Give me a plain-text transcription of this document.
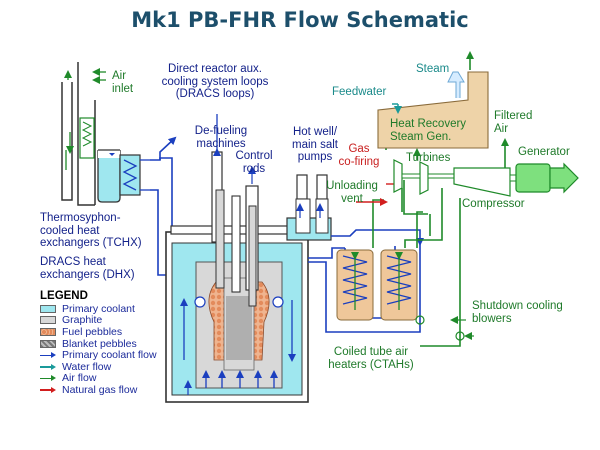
Mk1 PB-FHR Flow Schematic
Air
inlet
Direct reactor aux.
cooling system loops
(DRACS loops)
De-fueling
machines
Control
rods
Hot well/
main salt
pumps
Steam
Feedwater
Heat Recovery
Steam Gen.
Filtered
Air
Gas
co-firing Turbines	Generator
Unloading
vent	Compressor
Thermosyphon-
cooled heat
exchangers (TCHX)
DRACS heat
exchangers (DHX)
Shutdown cooling
blowers
Coiled tube air
heaters (CTAHs)
LEGEND
Primary coolant
Graphite
Fuel pebbles
Blanket pebbles
Primary coolant flow
Water flow
Air flow
Natural gas flow
